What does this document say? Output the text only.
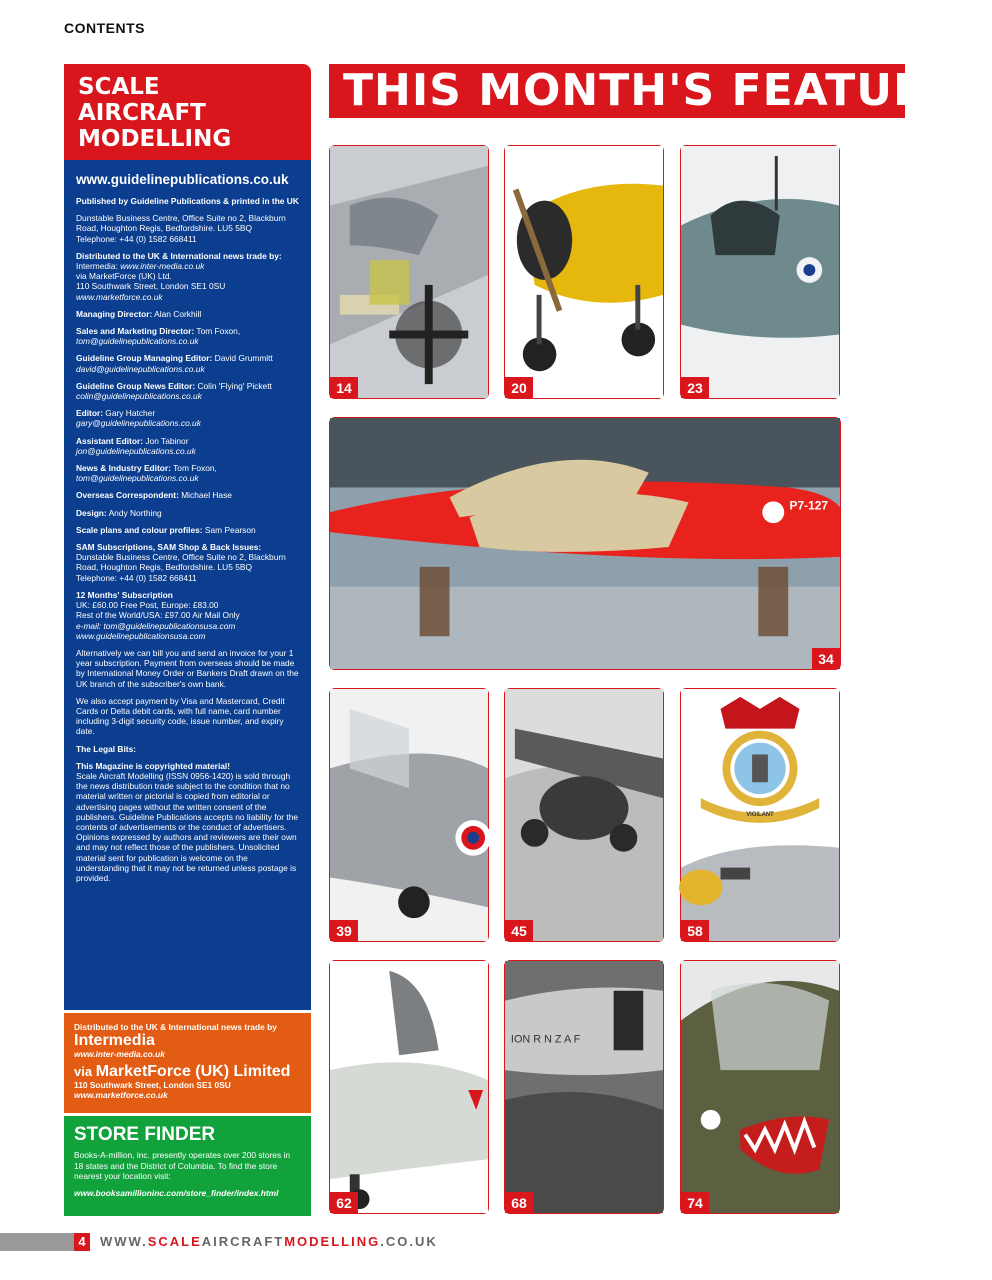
CONTENTS
SCALE
AIRCRAFT
MODELLING
www.guidelinepublications.co.uk

Published by Guideline Publications & printed in the UK

Dunstable Business Centre, Office Suite no 2, Blackburn Road, Houghton Regis, Bedfordshire. LU5 5BQ
Telephone: +44 (0) 1582 668411

Distributed to the UK & International news trade by:
Intermedia: www.inter-media.co.uk
via MarketForce (UK) Ltd.
110 Southwark Street, London SE1 0SU
www.marketforce.co.uk

Managing Director: Alan Corkhill

Sales and Marketing Director: Tom Foxon,
tom@guidelinepublications.co.uk

Guideline Group Managing Editor: David Grummitt
david@guidelinepublications.co.uk

Guideline Group News Editor: Colin 'Flying' Pickett
colin@guidelinepublications.co.uk

Editor: Gary Hatcher
gary@guidelinepublications.co.uk

Assistant Editor: Jon Tabinor
jon@guidelinepublications.co.uk

News & Industry Editor: Tom Foxon,
tom@guidelinepublications.co.uk

Overseas Correspondent: Michael Hase

Design: Andy Northing

Scale plans and colour profiles: Sam Pearson

SAM Subscriptions, SAM Shop & Back Issues:
Dunstable Business Centre, Office Suite no 2, Blackburn Road, Houghton Regis, Bedfordshire. LU5 5BQ
Telephone: +44 (0) 1582 668411

12 Months' Subscription
UK: £60.00 Free Post, Europe: £83.00
Rest of the World/USA: £97.00 Air Mail Only
e-mail: tom@guidelinepublicationsusa.com
www.guidelinepublicationsusa.com

Alternatively we can bill you and send an invoice for your 1 year subscription. Payment from overseas should be made by International Money Order or Bankers Draft drawn on the UK branch of the subscriber's own bank.

We also accept payment by Visa and Mastercard, Credit Cards or Delta debit cards, with full name, card number including 3-digit security code, issue number, and expiry date.

The Legal Bits:

This Magazine is copyrighted material!
Scale Aircraft Modelling (ISSN 0956-1420) is sold through the news distribution trade subject to the condition that no material written or pictorial is copied from editorial or advertising pages without the written consent of the publishers. Guideline Publications accepts no liability for the contents of advertisements or the conduct of advertisers. Opinions expressed by authors and reviewers are their own and may not reflect those of the publishers. Unsolicited material sent for publication is welcome on the understanding that it may not be returned unless postage is provided.

Distributed to the UK & International news trade by
Intermedia
www.inter-media.co.uk
via MarketForce (UK) Limited
110 Southwark Street, London SE1 0SU
www.marketforce.co.uk
STORE FINDER
Books-A-million, inc. presently operates over 200 stores in 18 states and the District of Columbia. To find the store nearest your location visit:
www.booksamillioninc.com/store_finder/index.html
THIS MONTH'S FEATURES
14	20	23
P7-127
34
39	45
VIGILANT
58
62
ION R N Z A F
68	74
4	WWW.SCALEAIRCRAFTMODELLING.CO.UK
